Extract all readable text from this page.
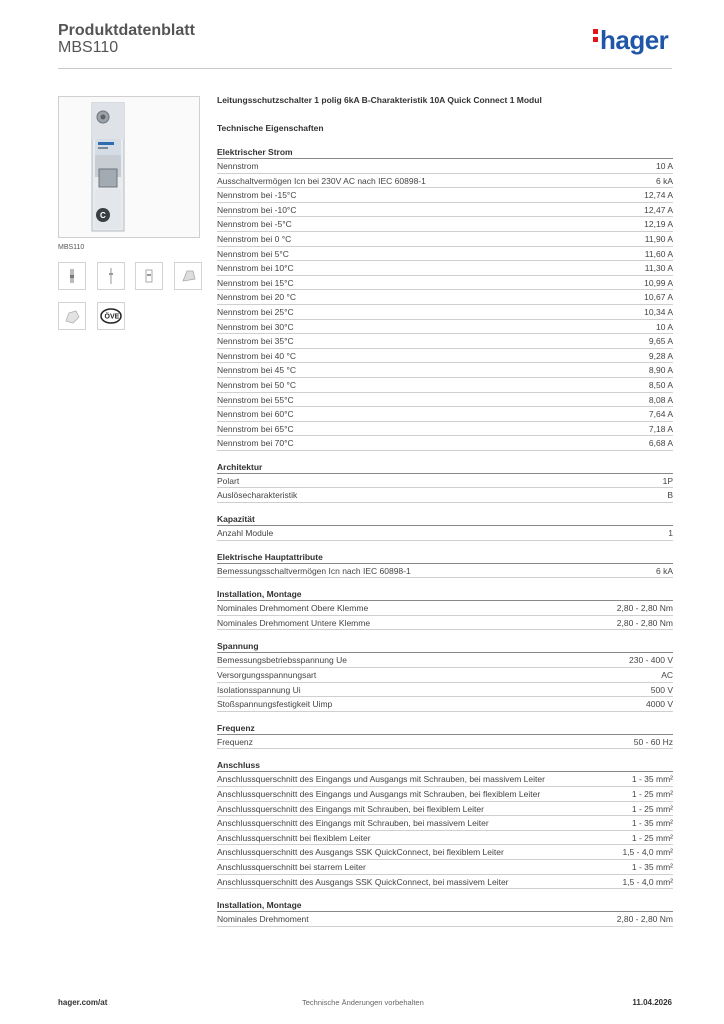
Produktdatenblatt
MBS110	hager
C
MBS110
ÖVE
Leitungsschutzschalter 1 polig 6kA B-Charakteristik 10A Quick Connect 1 Modul
Technische Eigenschaften
Elektrischer Strom
Nennstrom	10 A
Ausschaltvermögen Icn bei 230V AC nach IEC 60898-1	6 kA
Nennstrom bei -15°C	12,74 A
Nennstrom bei -10°C	12,47 A
Nennstrom bei -5°C	12,19 A
Nennstrom bei 0 °C	11,90 A
Nennstrom bei 5°C	11,60 A
Nennstrom bei 10°C	11,30 A
Nennstrom bei 15°C	10,99 A
Nennstrom bei 20 °C	10,67 A
Nennstrom bei 25°C	10,34 A
Nennstrom bei 30°C	10 A
Nennstrom bei 35°C	9,65 A
Nennstrom bei 40 °C	9,28 A
Nennstrom bei 45 °C	8,90 A
Nennstrom bei 50 °C	8,50 A
Nennstrom bei 55°C	8,08 A
Nennstrom bei 60°C	7,64 A
Nennstrom bei 65°C	7,18 A
Nennstrom bei 70°C	6,68 A
Architektur
Polart	1P
Auslösecharakteristik	B
Kapazität
Anzahl Module	1
Elektrische Hauptattribute
Bemessungsschaltvermögen Icn nach IEC 60898-1	6 kA
Installation, Montage
Nominales Drehmoment Obere Klemme	2,80 - 2,80 Nm
Nominales Drehmoment Untere Klemme	2,80 - 2,80 Nm
Spannung
Bemessungsbetriebsspannung Ue	230 - 400 V
Versorgungsspannungsart	AC
Isolationsspannung Ui	500 V
Stoßspannungsfestigkeit Uimp	4000 V
Frequenz
Frequenz	50 - 60 Hz
Anschluss
Anschlussquerschnitt des Eingangs und Ausgangs mit Schrauben, bei massivem Leiter	1 - 35 mm²
Anschlussquerschnitt des Eingangs und Ausgangs mit Schrauben, bei flexiblem Leiter	1 - 25 mm²
Anschlussquerschnitt des Eingangs mit Schrauben, bei flexiblem Leiter	1 - 25 mm²
Anschlussquerschnitt des Eingangs mit Schrauben, bei massivem Leiter	1 - 35 mm²
Anschlussquerschnitt bei flexiblem Leiter	1 - 25 mm²
Anschlussquerschnitt des Ausgangs SSK QuickConnect, bei flexiblem Leiter	1,5 - 4,0 mm²
Anschlussquerschnitt bei starrem Leiter	1 - 35 mm²
Anschlussquerschnitt des Ausgangs SSK QuickConnect, bei massivem Leiter	1,5 - 4,0 mm²
Installation, Montage
Nominales Drehmoment	2,80 - 2,80 Nm
hager.com/at	Technische Änderungen vorbehalten	11.04.2026
